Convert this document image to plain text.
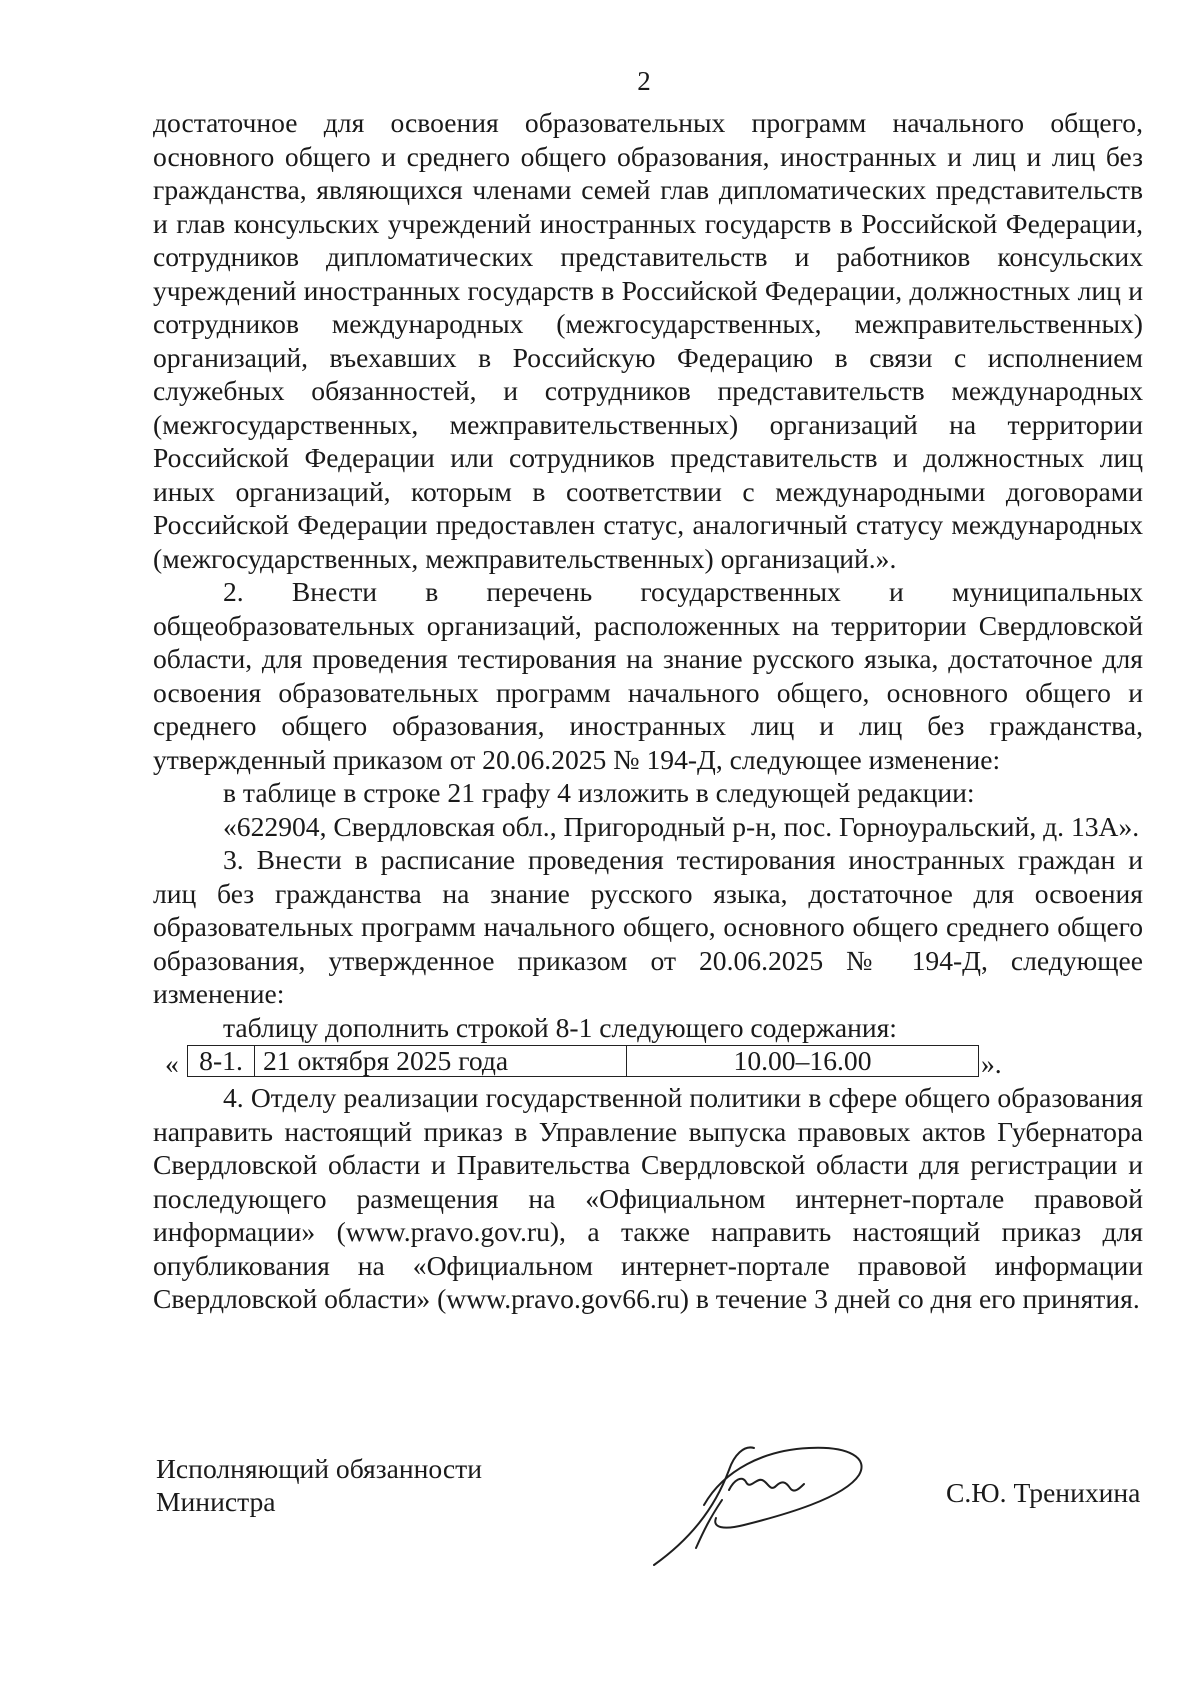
2

достаточное для освоения образовательных программ начального общего, основного общего и среднего общего образования, иностранных и лиц и лиц без гражданства, являющихся членами семей глав дипломатических представительств и глав консульских учреждений иностранных государств в Российской Федерации, сотрудников дипломатических представительств и работников консульских учреждений иностранных государств в Российской Федерации, должностных лиц и сотрудников международных (межгосударственных, межправительственных) организаций, въехавших в Российскую Федерацию в связи с исполнением служебных обязанностей, и сотрудников представительств международных (межгосударственных, межправительственных) организаций на территории Российской Федерации или сотрудников представительств и должностных лиц иных организаций, которым в соответствии с международными договорами Российской Федерации предоставлен статус, аналогичный статусу международных (межгосударственных, межправительственных) организаций.».

2. Внести в перечень государственных и муниципальных общеобразовательных организаций, расположенных на территории Свердловской области, для проведения тестирования на знание русского языка, достаточное для освоения образовательных программ начального общего, основного общего и среднего общего образования, иностранных лиц и лиц без гражданства, утвержденный приказом от 20.06.2025 № 194-Д, следующее изменение:

в таблице в строке 21 графу 4 изложить в следующей редакции:

«622904, Свердловская обл., Пригородный р-н, пос. Горноуральский, д. 13А».

3. Внести в расписание проведения тестирования иностранных граждан и лиц без гражданства на знание русского языка, достаточное для освоения образовательных программ начального общего, основного общего среднего общего образования, утвержденное приказом от 20.06.2025 № 194-Д, следующее изменение:

таблицу дополнить строкой 8-1 следующего содержания:

« 8-1.	21 октября 2025 года	10.00–16.00	».

4. Отделу реализации государственной политики в сфере общего образования направить настоящий приказ в Управление выпуска правовых актов Губернатора Свердловской области и Правительства Свердловской области для регистрации и последующего размещения на «Официальном интернет-портале правовой информации» (www.pravo.gov.ru), а также направить настоящий приказ для опубликования на «Официальном интернет-портале правовой информации Свердловской области» (www.pravo.gov66.ru) в течение 3 дней со дня его принятия.

Исполняющий обязанности
Министра	С.Ю. Тренихина
